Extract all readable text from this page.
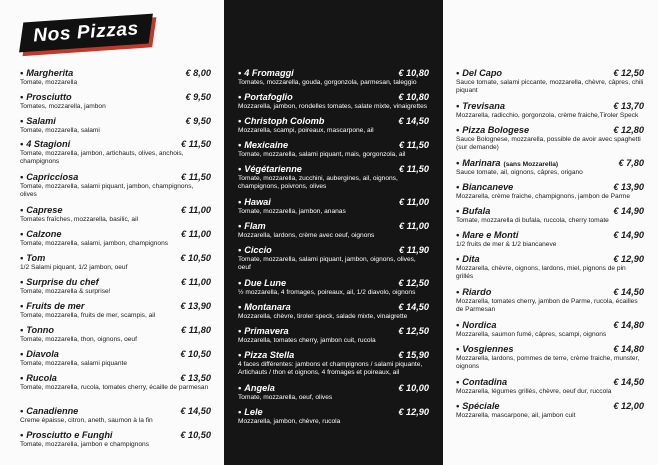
Nos Pizzas
• Margherita	€ 8,00
Tomate, mozzarella
• Prosciutto	€ 9,50
Tomates, mozzarella, jambon
• Salami	€ 9,50
Tomate, mozzarella, salami
• 4 Stagioni	€ 11,50
Tomate, mozzarella, jambon, artichauts, olives, anchois, champignons
• Capricciosa	€ 11,50
Tomate, mozzarella, salami piquant, jambon, champignons, olives
• Caprese	€ 11,00
Tomates fraîches, mozzarella, basilic, ail
• Calzone	€ 11,00
Tomate, mozzarella, salami, jambon, champignons
• Tom	€ 10,50
1/2 Salami piquant, 1/2 jambon, oeuf
• Surprise du chef	€ 11,00
Tomate, mozzarella & surprise!
• Fruits de mer	€ 13,90
Tomate, mozzarella, fruits de mer, scampis, ail
• Tonno	€ 11,80
Tomate, mozzarella, thon, oignons, oeuf
• Diavola	€ 10,50
Tomate, mozzarella, salami piquante
• Rucola	€ 13,50
Tomate, mozzarella, rucola, tomates cherry, écaille de parmesan
• Canadienne	€ 14,50
Creme épaisse, citron, aneth, saumon à la fin
• Prosciutto e Funghi	€ 10,50
Tomate, mozzarella, jambon e champignons
• 4 Fromaggi	€ 10,80
Tomates, mozzarella, gouda, gorgonzola, parmesan, taleggio
• Portafoglio	€ 10,80
Mozzarella, jambon, rondelles tomates, salate mixte, vinaigrettes
• Christoph Colomb	€ 14,50
Mozzarella, scampi, poireaux, mascarpone, ail
• Mexicaine	€ 11,50
Tomate, mozzarella, salami piquant, mais, gorgonzola, ail
• Végétarienne	€ 11,50
Tomate, mozzarella, zucchini, aubergines, ail, oignons, champignons, poivrons, olives
• Hawai	€ 11,00
Tomate, mozzarella, jambon, ananas
• Flam	€ 11,00
Mozzarella, lardons, crème avec oeuf, oignons
• Ciccio	€ 11,90
Tomate, mozzarella, salami piquant, jambon, oignons, olives, oeuf
• Due Lune	€ 12,50
½ mozzarella, 4 fromages, poireaux, ail, 1/2 diavolo, oignons
• Montanara	€ 14,50
Mozzarella, chèvre, tiroler speck, salade mixte, vinaigrette
• Primavera	€ 12,50
Mozzarella, tomates cherry, jambon cuit, rucola
• Pizza Stella	€ 15,90
4 faces différentes: jambons et champignons / salami piquante, Artichauts / thon et oignons, 4 fromages et poireaux, ail
• Angela	€ 10,00
Tomate, mozzarella, oeuf, olives
• Lele	€ 12,90
Mozzarella, jambon, chèvre, rucola
• Del Capo	€ 12,50
Sauce tomate, salami piccante, mozzarella, chèvre, câpres, chili piquant
• Trevisana	€ 13,70
Mozzarella, radicchio, gorgonzola, crème fraiche,Tiroler Speck
• Pizza Bologese	€ 12,80
Sauce Bolognese, mozzarella, possible de avoir avec spaghetti (sur demande)
• Marinara (sans Mozzarella)	€ 7,80
Sauce tomate, ail, oignons, câpres, origano
• Biancaneve	€ 13,90
Mozzarella, crème fraiche, champignons, jambon de Parme
• Bufala	€ 14,90
Tomate, mozzarella di bufala, ruccola, cherry tomate
• Mare e Monti	€ 14,90
1/2 fruits de mer & 1/2 biancaneve
• Dita	€ 12,90
Mozzarella, chèvre, oignons, lardons, miel, pignons de pin grillés
• Riardo	€ 14,50
Mozzarella, tomates cherry, jambon de Parme, rucola, écailles de Parmesan
• Nordica	€ 14,80
Mozzarella, saumon fumé, câpres, scampi, oignons
• Vosgiennes	€ 14,80
Mozzarella, lardons, pommes de terre, crème fraiche, munster, oignons
• Contadina	€ 14,50
Mozzarella, légumes grillés, chèvre, oeuf dur, ruccola
• Spéciale	€ 12,00
Mozzarella, mascarpone, ail, jambon cuit
